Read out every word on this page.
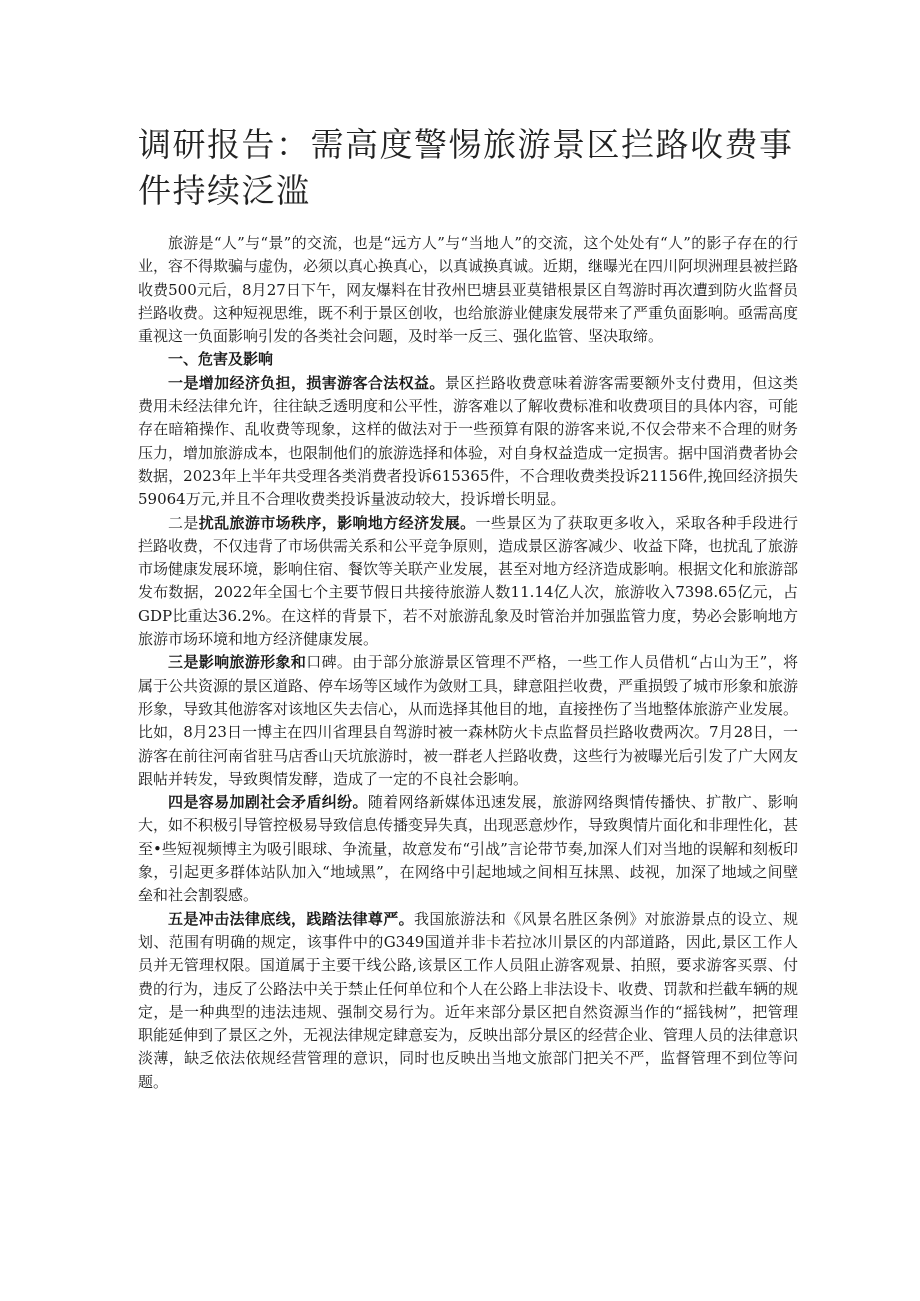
调研报告：需高度警惕旅游景区拦路收费事件持续泛滥

旅游是“人”与“景”的交流，也是“远方人”与“当地人”的交流，这个处处有“人”的影子存在的行业，容不得欺骗与虚伪，必须以真心换真心，以真诚换真诚。近期，继曝光在四川阿坝洲理县被拦路收费500元后，8月27日下午，网友爆料在甘孜州巴塘县亚莫错根景区自驾游时再次遭到防火监督员拦路收费。这种短视思维，既不利于景区创收，也给旅游业健康发展带来了严重负面影响。亟需高度重视这一负面影响引发的各类社会问题，及时举一反三、强化监管、坚决取缔。

一、危害及影响

一是增加经济负担，损害游客合法权益。景区拦路收费意味着游客需要额外支付费用，但这类费用未经法律允许，往往缺乏透明度和公平性，游客难以了解收费标准和收费项目的具体内容，可能存在暗箱操作、乱收费等现象，这样的做法对于一些预算有限的游客来说,不仅会带来不合理的财务压力，增加旅游成本，也限制他们的旅游选择和体验，对自身权益造成一定损害。据中国消费者协会数据，2023年上半年共受理各类消费者投诉615365件，不合理收费类投诉21156件,挽回经济损失59064万元,并且不合理收费类投诉量波动较大，投诉增长明显。

二是扰乱旅游市场秩序，影响地方经济发展。一些景区为了获取更多收入，采取各种手段进行拦路收费，不仅违背了市场供需关系和公平竞争原则，造成景区游客减少、收益下降，也扰乱了旅游市场健康发展环境，影响住宿、餐饮等关联产业发展，甚至对地方经济造成影响。根据文化和旅游部发布数据，2022年全国七个主要节假日共接待旅游人数11.14亿人次，旅游收入7398.65亿元，占GDP比重达36.2%。在这样的背景下，若不对旅游乱象及时管治并加强监管力度，势必会影响地方旅游市场环境和地方经济健康发展。

三是影响旅游形象和口碑。由于部分旅游景区管理不严格，一些工作人员借机“占山为王”，将属于公共资源的景区道路、停车场等区域作为敛财工具，肆意阻拦收费，严重损毁了城市形象和旅游形象，导致其他游客对该地区失去信心，从而选择其他目的地，直接挫伤了当地整体旅游产业发展。比如，8月23日一博主在四川省理县自驾游时被一森林防火卡点监督员拦路收费两次。7月28日，一游客在前往河南省驻马店香山天坑旅游时，被一群老人拦路收费，这些行为被曝光后引发了广大网友跟帖并转发，导致舆情发酵，造成了一定的不良社会影响。

四是容易加剧社会矛盾纠纷。随着网络新媒体迅速发展，旅游网络舆情传播快、扩散广、影响大，如不积极引导管控极易导致信息传播变异失真，出现恶意炒作，导致舆情片面化和非理性化，甚至•些短视频博主为吸引眼球、争流量，故意发布“引战”言论带节奏,加深人们对当地的误解和刻板印象，引起更多群体站队加入“地域黑”，在网络中引起地域之间相互抹黑、歧视，加深了地域之间壁垒和社会割裂感。

五是冲击法律底线，践踏法律尊严。我国旅游法和《风景名胜区条例》对旅游景点的设立、规划、范围有明确的规定，该事件中的G349国道并非卡若拉冰川景区的内部道路，因此,景区工作人员并无管理权限。国道属于主要干线公路,该景区工作人员阻止游客观景、拍照，要求游客买票、付费的行为，违反了公路法中关于禁止任何单位和个人在公路上非法设卡、收费、罚款和拦截车辆的规定，是一种典型的违法违规、强制交易行为。近年来部分景区把自然资源当作的“摇钱树”，把管理职能延伸到了景区之外，无视法律规定肆意妄为，反映出部分景区的经营企业、管理人员的法律意识淡薄，缺乏依法依规经营管理的意识，同时也反映出当地文旅部门把关不严，监督管理不到位等问题。
